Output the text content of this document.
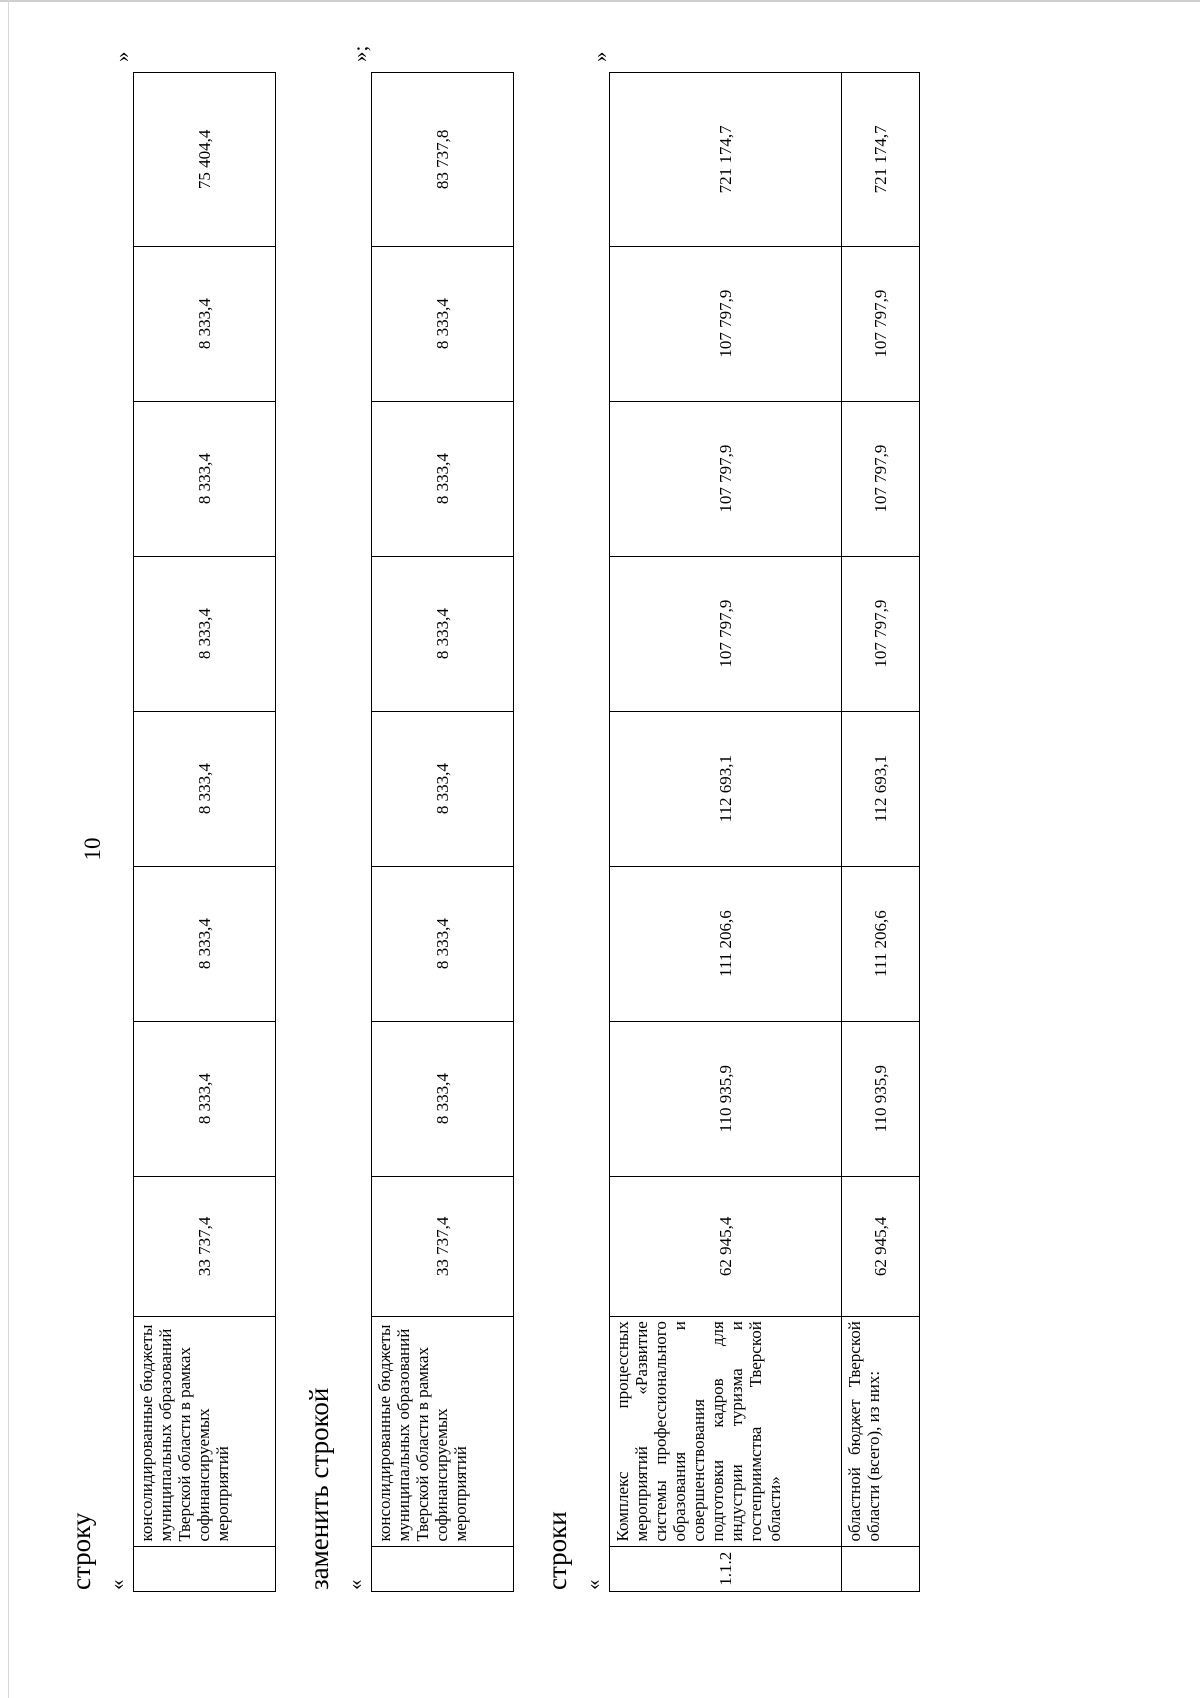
10
строку «
	консолидированные бюджеты муниципальных образований Тверской области в рамках софинансируемых мероприятий	33 737,4	8 333,4	8 333,4	8 333,4	8 333,4	8 333,4	8 333,4	75 404,4
»
заменить строкой «
	консолидированные бюджеты муниципальных образований Тверской области в рамках софинансируемых мероприятий	33 737,4	8 333,4	8 333,4	8 333,4	8 333,4	8 333,4	8 333,4	83 737,8
»;
строки «	1.1.2	Комплекс процессных мероприятий «Развитие системы профессионального образования и совершенствования подготовки кадров для индустрии туризма и гостеприимства Тверской области»	62 945,4	110 935,9	111 206,6	112 693,1	107 797,9	107 797,9	107 797,9	721 174,7
	областной бюджет Тверской области (всего), из них:	62 945,4	110 935,9	111 206,6	112 693,1	107 797,9	107 797,9	107 797,9	721 174,7
»
